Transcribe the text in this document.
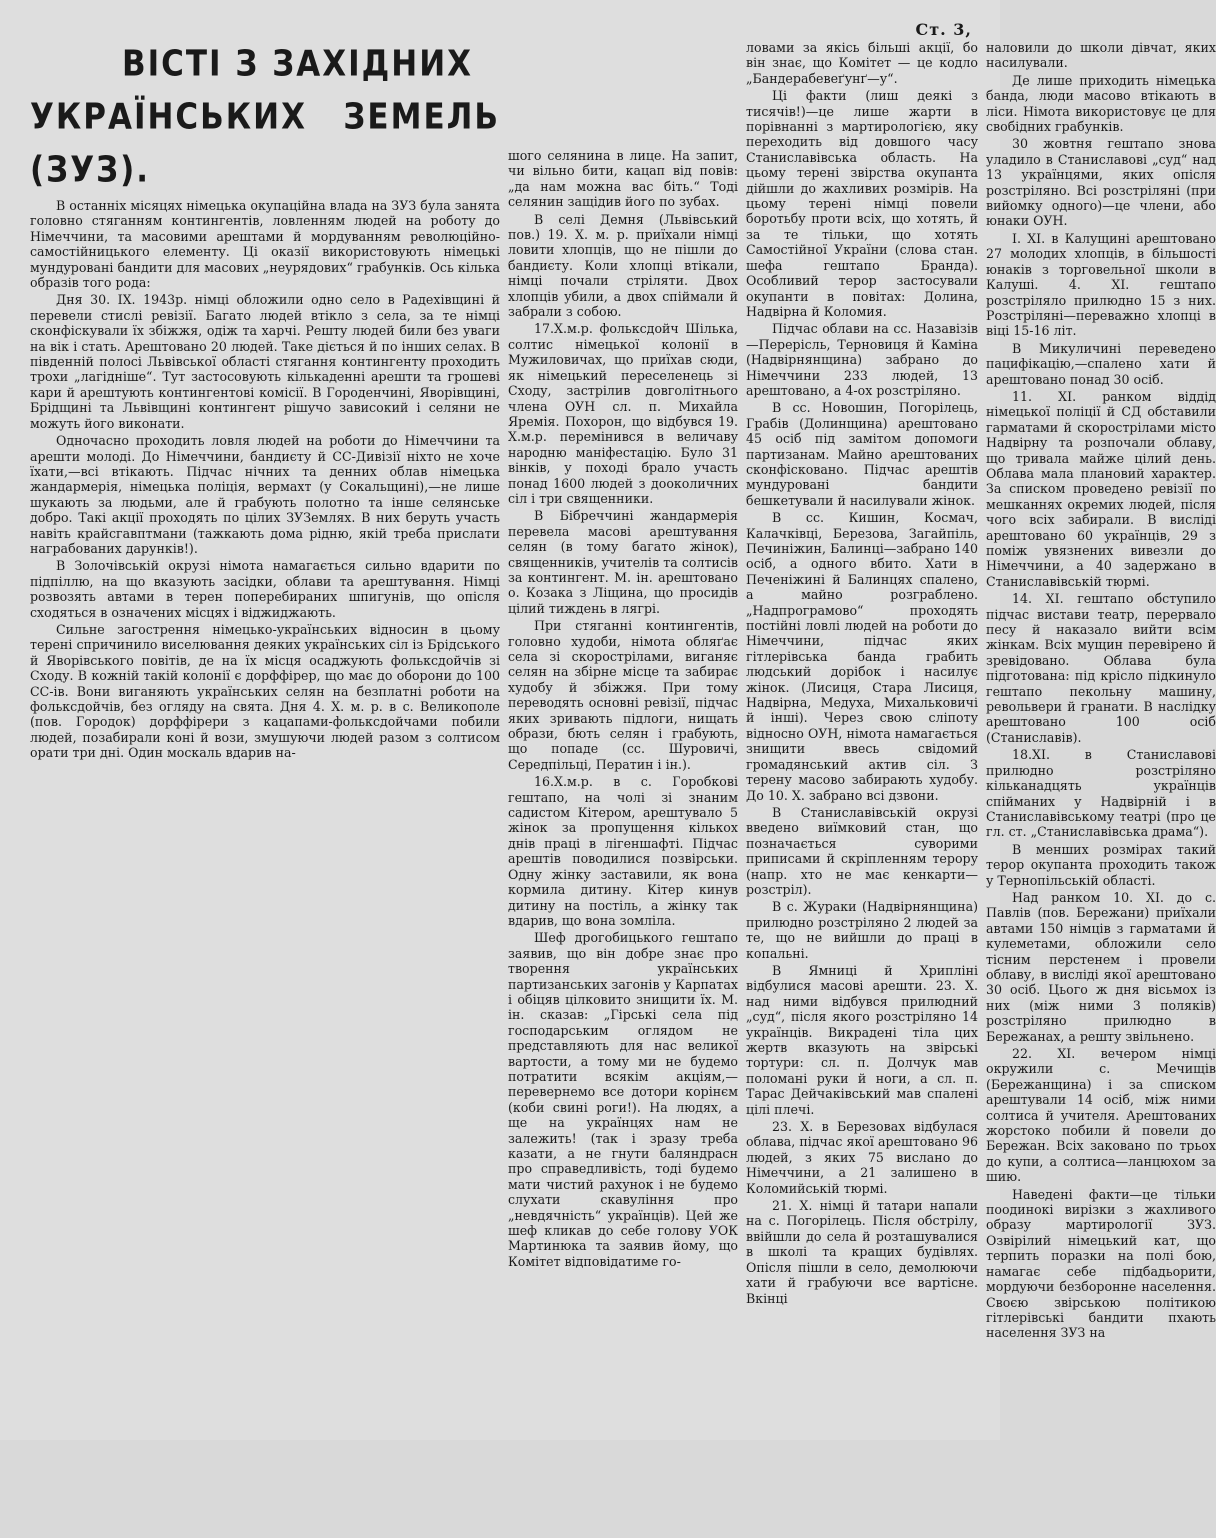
Ст. 3,
ВІСТІ З ЗАХІДНИХ
УКРАЇНСЬКИХ ЗЕМЕЛЬ (ЗУЗ).

В останніх місяцях німецька окупаційна влада на ЗУЗ була занята головно стяганням контингентів, ловленням людей на роботу до Німеччини, та масовими арештами й мордуванням революційно-самостійницького елементу. Ці оказії використовують німецькі мундуровані бандити для масових „неурядових“ грабунків. Ось кілька образів того рода:

Дня 30. IX. 1943р. німці обложили одно село в Радехівщині й перевели стислі ревізії. Багато людей втікло з села, за те німці сконфіскували їх збіжжя, одіж та харчі. Решту людей били без уваги на вік і стать. Арештовано 20 людей. Таке діється й по інших селах. В південній полосі Львівської області стягання контингенту проходить трохи „лагідніше“. Тут застосовують кількаденні арешти та грошеві кари й арештують контингентові комісії. В Городенчині, Яворівщині, Брідщині та Львівщині контингент рішучо зависокий і селяни не можуть його виконати.

Одночасно проходить ловля людей на роботи до Німеччини та арешти молоді. До Німеччини, бандиєту й СС-Дивізії ніхто не хоче їхати,—всі втікають. Підчас нічних та денних облав німецька жандармерія, німецька поліція, вермахт (у Сокальщині),—не лише шукають за людьми, але й грабують полотно та інше селянське добро. Такі акції проходять по цілих ЗУЗемлях. В них беруть участь навіть крайсгавптмани (тажкають дома рідню, якій треба прислати награбованих дарунків!).

В Золочівській окрузі німота намагається сильно вдарити по підпіллю, на що вказують засідки, облави та арештування. Німці розвозять автами в терен поперебираних шпигунів, що опісля сходяться в означених місцях і віджиджають.

Сильне загострення німецько-українських відносин в цьому терені спричинило виселювання деяких українських сіл із Брідського й Яворівського повітів, де на їх місця осаджують фольксдойчів зі Сходу. В кожній такій колонії є дорффірер, що має до оборони до 100 СС-ів. Вони виганяють українських селян на безплатні роботи на фольксдойчів, без огляду на свята. Дня 4. Х. м. р. в с. Великополе (пов. Городок) дорффірери з кацапами-фольксдойчами побили людей, позабирали коні й вози, змушуючи людей разом з солтисом орати три дні. Один москаль вдарив на-

шого селянина в лице. На запит, чи вільно бити, кацап від повів: „да нам можна вас біть.“ Тоді селянин защідив його по зубах.

В селі Демня (Львівський пов.) 19. Х. м. р. приїхали німці ловити хлопців, що не пішли до бандиєту. Коли хлопці втікали, німці почали стріляти. Двох хлопців убили, а двох спіймали й забрали з собою.

17.Х.м.р. фольксдойч Шілька, солтис німецької колонії в Мужиловичах, що приїхав сюди, як німецький переселенець зі Сходу, застрілив довголітнього члена ОУН сл. п. Михайла Яремія. Похорон, що відбувся 19. Х.м.р. перемінився в величаву народню маніфестацію. Було 31 вінків, у поході брало участь понад 1600 людей з дооколичних сіл і три священники.

В Бібреччині жандармерія перевела масові арештування селян (в тому багато жінок), священників, учителів та солтисів за контингент. М. ін. арештовано о. Козака з Ліщина, що просидів цілий тиждень в лягрі.

При стяганні контингентів, головно худоби, німота обляґає села зі скорострілами, виганяє селян на збірне місце та забирає худобу й збіжжя. При тому переводять основні ревізії, підчас яких зривають підлоги, нищать образи, бють селян і грабують, що попаде (сс. Шуровичі, Середпільці, Ператин і ін.).

16.Х.м.р. в с. Горобкові гештапо, на чолі зі знаним садистом Кітером, арештувало 5 жінок за пропущення кількох днів праці в лігеншафті. Підчас арештів поводилися позвірськи. Одну жінку заставили, як вона кормила дитину. Кітер кинув дитину на постіль, а жінку так вдарив, що вона зомліла.

Шеф дрогобицького гештапо заявив, що він добре знає про творення українських партизанських загонів у Карпатах і обіцяв цілковито знищити їх. М. ін. сказав: „Гірські села під господарським оглядом не представляють для нас великої вартости, а тому ми не будемо потратити всякім акціям,—перевернемо все дотори корінєм (коби свині роги!). На людях, а ще на українцях нам не залежить! (так і зразу треба казати, а не гнути баляндрасн про справедливість, тоді будемо мати чистий рахунок і не будемо слухати скавуління про „невдячність“ українців). Цей же шеф кликав до себе голову УОК Мартинюка та заявив йому, що Комітет відповідатиме го-

ловами за якісь більші акції, бо він знає, що Комітет — це кодло „Бандерабевеґунґ—у“.

Ці факти (лиш деякі з тисячів!)—це лише жарти в порівнанні з мартирологією, яку переходить від довшого часу Станиславівська область. На цьому терені звірства окупанта дійшли до жахливих розмірів. На цьому терені німці повели боротьбу проти всіх, що хотять, й за те тільки, що хотять Самостійної України (слова стан. шефа гештапо Бранда). Особливий терор застосували окупанти в повітах: Долина, Надвірна й Коломия.

Підчас облави на сс. Назавізів—Перерісль, Терновиця й Каміна (Надвірнянщина) забрано до Німеччини 233 людей, 13 арештовано, а 4-ох розстріляно.

В сс. Новошин, Погорілець, Грабів (Долинщина) арештовано 45 осіб під замітом допомоги партизанам. Майно арештованих сконфісковано. Підчас арештів мундуровані бандити бешкетували й насилували жінок.

В сс. Кишин, Космач, Калачківці, Березова, Загайпіль, Печиніжин, Балинці—забрано 140 осіб, а одного вбито. Хати в Печеніжині й Балинцях спалено, а майно розграблено. „Надпрограмово“ проходять постійні ловлі людей на роботи до Німеччини, підчас яких гітлерівська банда грабить людський дорібок і насилує жінок. (Лисиця, Стара Лисиця, Надвірна, Медуха, Михальковичі й інші). Через свою сліпоту відносно ОУН, німота намагається знищити ввесь свідомий громадянський актив сіл. З терену масово забирають худобу. До 10. Х. забрано всі дзвони.

В Станиславівській окрузі введено виїмковий стан, що позначається суворими приписами й скріпленням терору (напр. хто не має кенкарти—розстріл).

В с. Жураки (Надвірнянщина) прилюдно розстріляно 2 людей за те, що не вийшли до праці в копальні.

В Ямниці й Хрипліні відбулися масові арешти. 23. Х. над ними відбувся прилюдний „суд“, після якого розстріляно 14 українців. Викрадені тіла цих жертв вказують на звірські тортури: сл. п. Долчук мав поломані руки й ноги, а сл. п. Тарас Дейчаківський мав спалені цілі плечі.

23. Х. в Березовах відбулася облава, підчас якої арештовано 96 людей, з яких 75 вислано до Німеччини, а 21 залишено в Коломийській тюрмі.

21. Х. німці й татари напали на с. Погорілець. Після обстрілу, ввійшли до села й розташувалися в школі та кращих будівлях. Опісля пішли в село, демолюючи хати й грабуючи все вартісне. Вкінці

наловили до школи дівчат, яких насилували.

Де лише приходить німецька банда, люди масово втікають в ліси. Німота використовує це для свобідних грабунків.

30 жовтня гештапо знова уладило в Станиславові „суд“ над 13 українцями, яких опісля розстріляно. Всі розстріляні (при вийомку одного)—це члени, або юнаки ОУН.

I. XI. в Калущині арештовано 27 молодих хлопців, в більшості юнаків з торговельної школи в Калуші. 4. XI. гештапо розстріляло прилюдно 15 з них. Розстріляні—переважно хлопці в віці 15-16 літ.

В Микуличині переведено пацифікацію,—спалено хати й арештовано понад 30 осіб.

11. XI. ранком віддід німецької поліції й СД обставили гарматами й скорострілами місто Надвірну та розпочали облаву, що тривала майже цілий день. Облава мала плановий характер. За списком проведено ревізії по мешканнях окремих людей, після чого всіх забирали. В висліді арештовано 60 українців, 29 з поміж увязнених вивезли до Німеччини, а 40 задержано в Станиславівській тюрмі.

14. XI. гештапо обступило підчас вистави театр, перервало песу й наказало вийти всім жінкам. Всіх мущин перевірено й зревідовано. Облава була підготована: під крісло підкинуло гештапо пекольну машину, револьвери й гранати. В наслідку арештовано 100 осіб (Станиславів).

18.XI. в Станиславові прилюдно розстріляно кільканадцять українців спійманих у Надвірній і в Станиславівському театрі (про це гл. ст. „Станиславівська драма“).

В менших розмірах такий терор окупанта проходить також у Тернопільській області.

Над ранком 10. XI. до с. Павлів (пов. Бережани) приїхали автами 150 німців з гарматами й кулеметами, обложили село тісним перстенем і провели облаву, в висліді якої арештовано 30 осіб. Цього ж дня вісьмох із них (між ними 3 поляків) розстріляно прилюдно в Бережанах, а решту звільнено.

22. XI. вечером німці окружили с. Мечищів (Бережанщина) і за списком арештували 14 осіб, між ними солтиса й учителя. Арештованих жорстоко побили й повели до Бережан. Всіх заковано по трьох до купи, а солтиса—ланцюхом за шию.

Наведені факти—це тільки поодинокі вирізки з жахливого образу мартирології ЗУЗ. Озвірілий німецький кат, що терпить поразки на полі бою, намагає себе підбадьорити, мордуючи безборонне населення. Своєю звірською політикою гітлерівські бандити пхають населення ЗУЗ на
